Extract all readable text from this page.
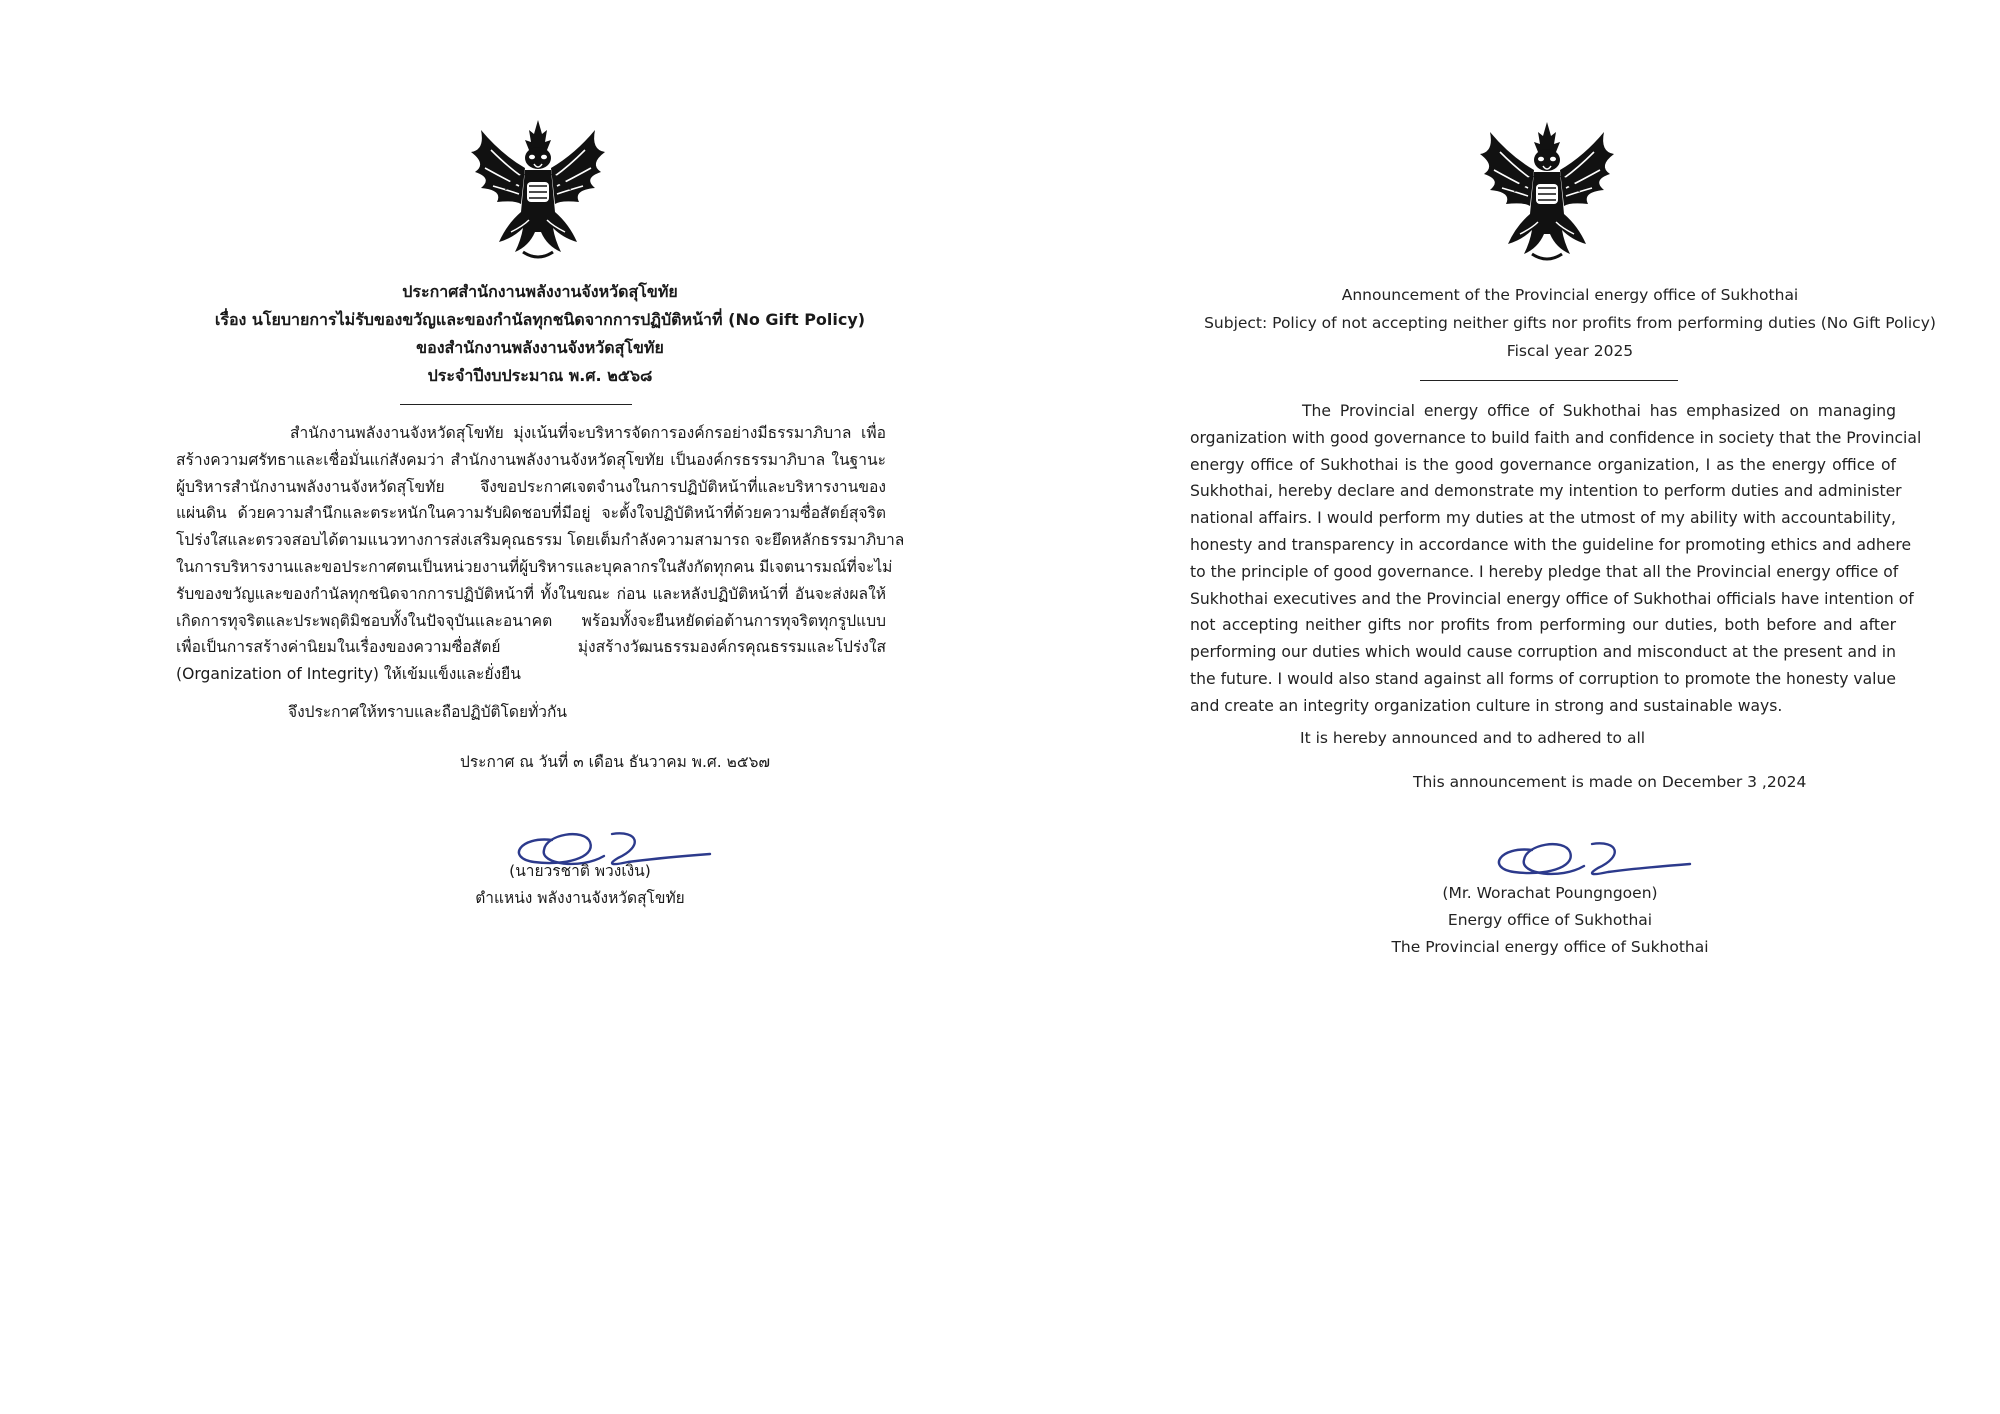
ประกาศสำนักงานพลังงานจังหวัดสุโขทัย
เรื่อง นโยบายการไม่รับของขวัญและของกำนัลทุกชนิดจากการปฏิบัติหน้าที่ (No Gift Policy)
ของสำนักงานพลังงานจังหวัดสุโขทัย
ประจำปีงบประมาณ พ.ศ. ๒๕๖๘
สำนักงานพลังงานจังหวัดสุโขทัย มุ่งเน้นที่จะบริหารจัดการองค์กรอย่างมีธรรมาภิบาล เพื่อ
สร้างความศรัทธาและเชื่อมั่นแก่สังคมว่า สำนักงานพลังงานจังหวัดสุโขทัย เป็นองค์กรธรรมาภิบาล ในฐานะ
ผู้บริหารสำนักงานพลังงานจังหวัดสุโขทัย จึงขอประกาศเจตจำนงในการปฏิบัติหน้าที่และบริหารงานของ
แผ่นดิน ด้วยความสำนึกและตระหนักในความรับผิดชอบที่มีอยู่ จะตั้งใจปฏิบัติหน้าที่ด้วยความซื่อสัตย์สุจริต
โปร่งใสและตรวจสอบได้ตามแนวทางการส่งเสริมคุณธรรม โดยเต็มกำลังความสามารถ จะยึดหลักธรรมาภิบาล
ในการบริหารงานและขอประกาศตนเป็นหน่วยงานที่ผู้บริหารและบุคลากรในสังกัดทุกคน มีเจตนารมณ์ที่จะไม่
รับของขวัญและของกำนัลทุกชนิดจากการปฏิบัติหน้าที่ ทั้งในขณะ ก่อน และหลังปฏิบัติหน้าที่ อันจะส่งผลให้
เกิดการทุจริตและประพฤติมิชอบทั้งในปัจจุบันและอนาคต พร้อมทั้งจะยืนหยัดต่อต้านการทุจริตทุกรูปแบบ
เพื่อเป็นการสร้างค่านิยมในเรื่องของความซื่อสัตย์ มุ่งสร้างวัฒนธรรมองค์กรคุณธรรมและโปร่งใส
(Organization of Integrity) ให้เข้มแข็งและยั่งยืน
จึงประกาศให้ทราบและถือปฏิบัติโดยทั่วกัน
ประกาศ ณ วันที่ ๓ เดือน ธันวาคม พ.ศ. ๒๕๖๗
(นายวรชาติ พวงเงิน)
ตำแหน่ง พลังงานจังหวัดสุโขทัย
Announcement of the Provincial energy office of Sukhothai
Subject: Policy of not accepting neither gifts nor profits from performing duties (No Gift Policy)
Fiscal year 2025
The Provincial energy office of Sukhothai has emphasized on managing
organization with good governance to build faith and confidence in society that the Provincial
energy office of Sukhothai is the good governance organization, I as the energy office of
Sukhothai, hereby declare and demonstrate my intention to perform duties and administer
national affairs. I would perform my duties at the utmost of my ability with accountability,
honesty and transparency in accordance with the guideline for promoting ethics and adhere
to the principle of good governance. I hereby pledge that all the Provincial energy office of
Sukhothai executives and the Provincial energy office of Sukhothai officials have intention of
not accepting neither gifts nor profits from performing our duties, both before and after
performing our duties which would cause corruption and misconduct at the present and in
the future. I would also stand against all forms of corruption to promote the honesty value
and create an integrity organization culture in strong and sustainable ways.
It is hereby announced and to adhered to all
This announcement is made on December 3 ,2024
(Mr. Worachat Poungngoen)
Energy office of Sukhothai
The Provincial energy office of Sukhothai
